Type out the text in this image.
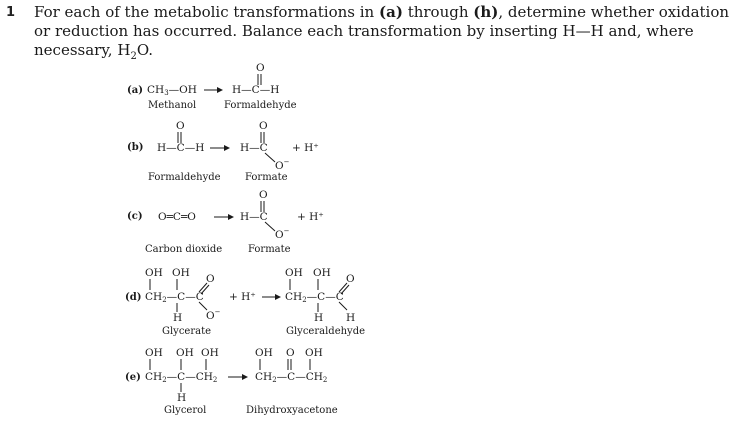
1 For each of the metabolic transformations in (a) through (h), determine whether oxidation or reduction has occurred. Balance each transformation by inserting H—H and, where necessary, $H_2O$.
(a) CH3—OH
O
H—C—H
Methanol	Formaldehyde
(b)
O
H—C—H
O
H—C
O−
+ H⁺
Formaldehyde Formate
(c) O═C═O
O
H—C
O−
+ H⁺
Carbon dioxide	Formate
(d)
OH OH
CH2—C—C
H
O
O−
+ H⁺
OH OH
CH2—C—C
H
O
H
Glycerate	Glyceraldehyde
(e)
OH OH OH
CH2—C—CH2
H
OH O OH
CH2—C—CH2
Glycerol	Dihydroxyacetone
